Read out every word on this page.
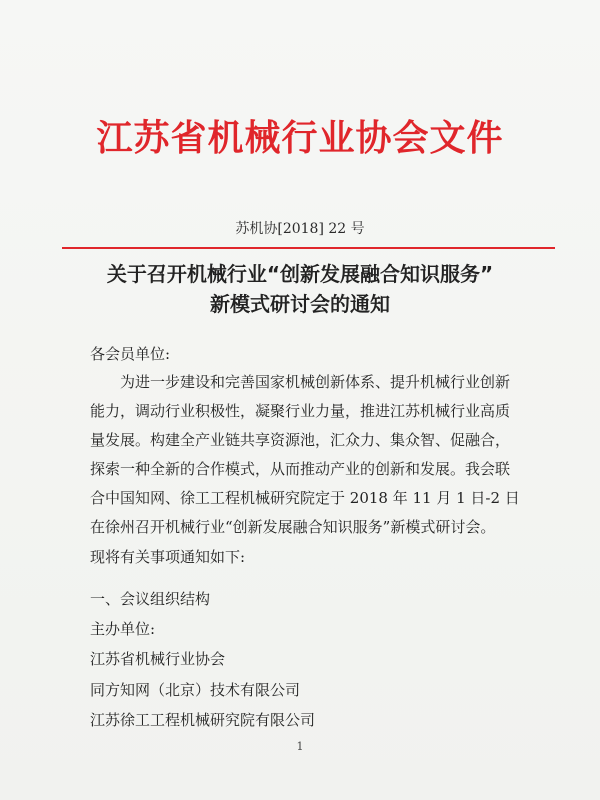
江苏省机械行业协会文件
苏机协[2018] 22 号
关于召开机械行业“创新发展融合知识服务”
新模式研讨会的通知
各会员单位:
为进一步建设和完善国家机械创新体系、提升机械行业创新
能力，调动行业积极性，凝聚行业力量，推进江苏机械行业高质
量发展。构建全产业链共享资源池，汇众力、集众智、促融合，
探索一种全新的合作模式，从而推动产业的创新和发展。我会联
合中国知网、徐工工程机械研究院定于 2018 年 11 月 1 日-2 日
在徐州召开机械行业“创新发展融合知识服务”新模式研讨会。
现将有关事项通知如下:
一、会议组织结构
主办单位:
江苏省机械行业协会
同方知网（北京）技术有限公司
江苏徐工工程机械研究院有限公司
1
